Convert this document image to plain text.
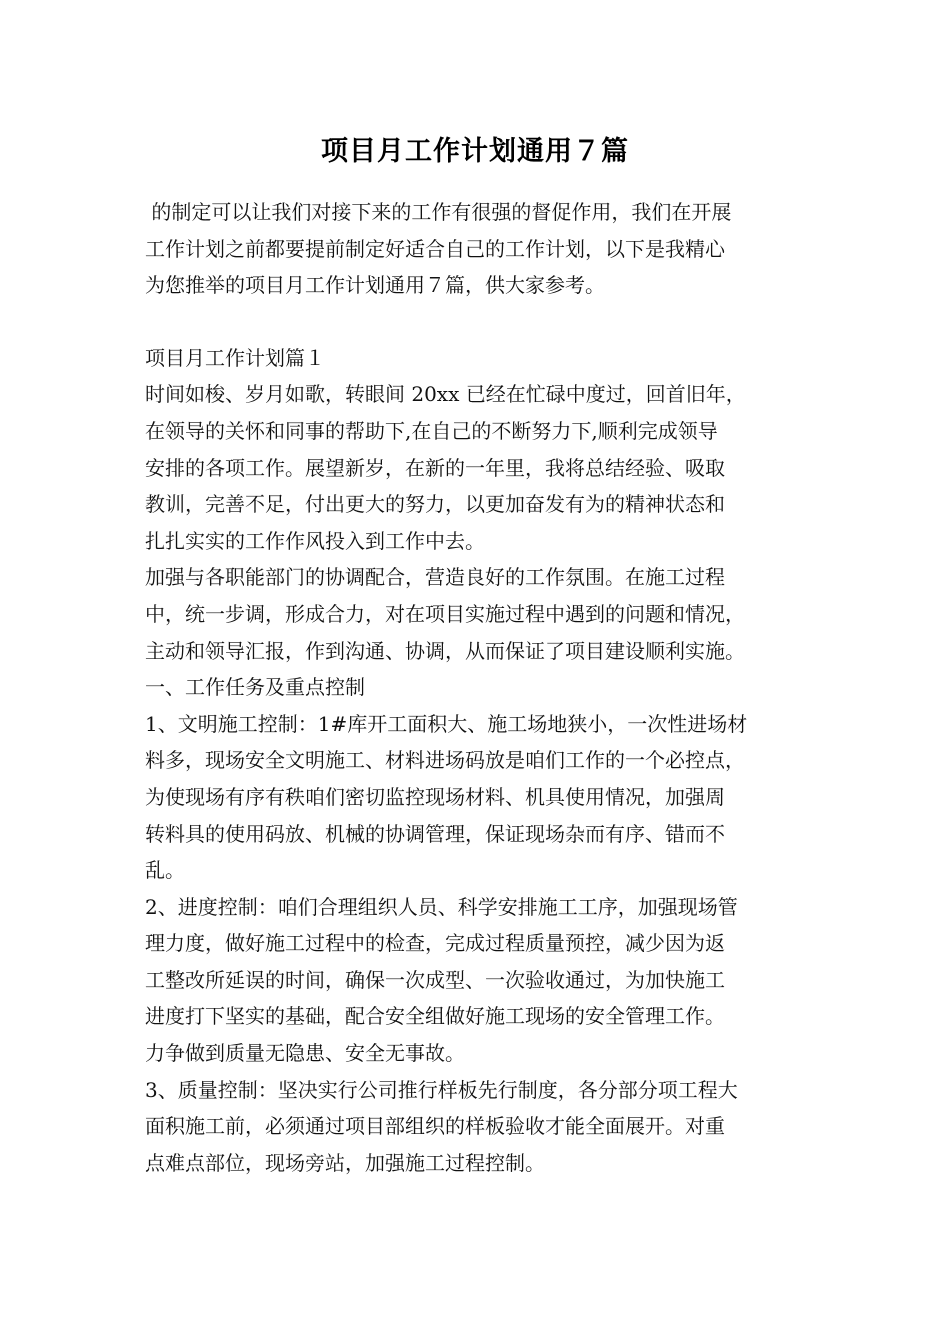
项目月工作计划通用７篇
的制定可以让我们对接下来的工作有很强的督促作用，我们在开展
工作计划之前都要提前制定好适合自己的工作计划，以下是我精心
为您推举的项目月工作计划通用７篇，供大家参考。
项目月工作计划篇１
时间如梭、岁月如歌，转眼间 20xx 已经在忙碌中度过，回首旧年，
在领导的关怀和同事的帮助下,在自己的不断努力下,顺利完成领导
安排的各项工作。展望新岁，在新的一年里，我将总结经验、吸取
教训，完善不足，付出更大的努力，以更加奋发有为的精神状态和
扎扎实实的工作作风投入到工作中去。
加强与各职能部门的协调配合，营造良好的工作氛围。在施工过程
中，统一步调，形成合力，对在项目实施过程中遇到的问题和情况，
主动和领导汇报，作到沟通、协调，从而保证了项目建设顺利实施。
一、工作任务及重点控制
1、文明施工控制：1#库开工面积大、施工场地狭小，一次性进场材
料多，现场安全文明施工、材料进场码放是咱们工作的一个必控点，
为使现场有序有秩咱们密切监控现场材料、机具使用情况，加强周
转料具的使用码放、机械的协调管理，保证现场杂而有序、错而不
乱。
2、进度控制：咱们合理组织人员、科学安排施工工序，加强现场管
理力度，做好施工过程中的检查，完成过程质量预控，减少因为返
工整改所延误的时间，确保一次成型、一次验收通过，为加快施工
进度打下坚实的基础，配合安全组做好施工现场的安全管理工作。
力争做到质量无隐患、安全无事故。
3、质量控制：坚决实行公司推行样板先行制度，各分部分项工程大
面积施工前，必须通过项目部组织的样板验收才能全面展开。对重
点难点部位，现场旁站，加强施工过程控制。
